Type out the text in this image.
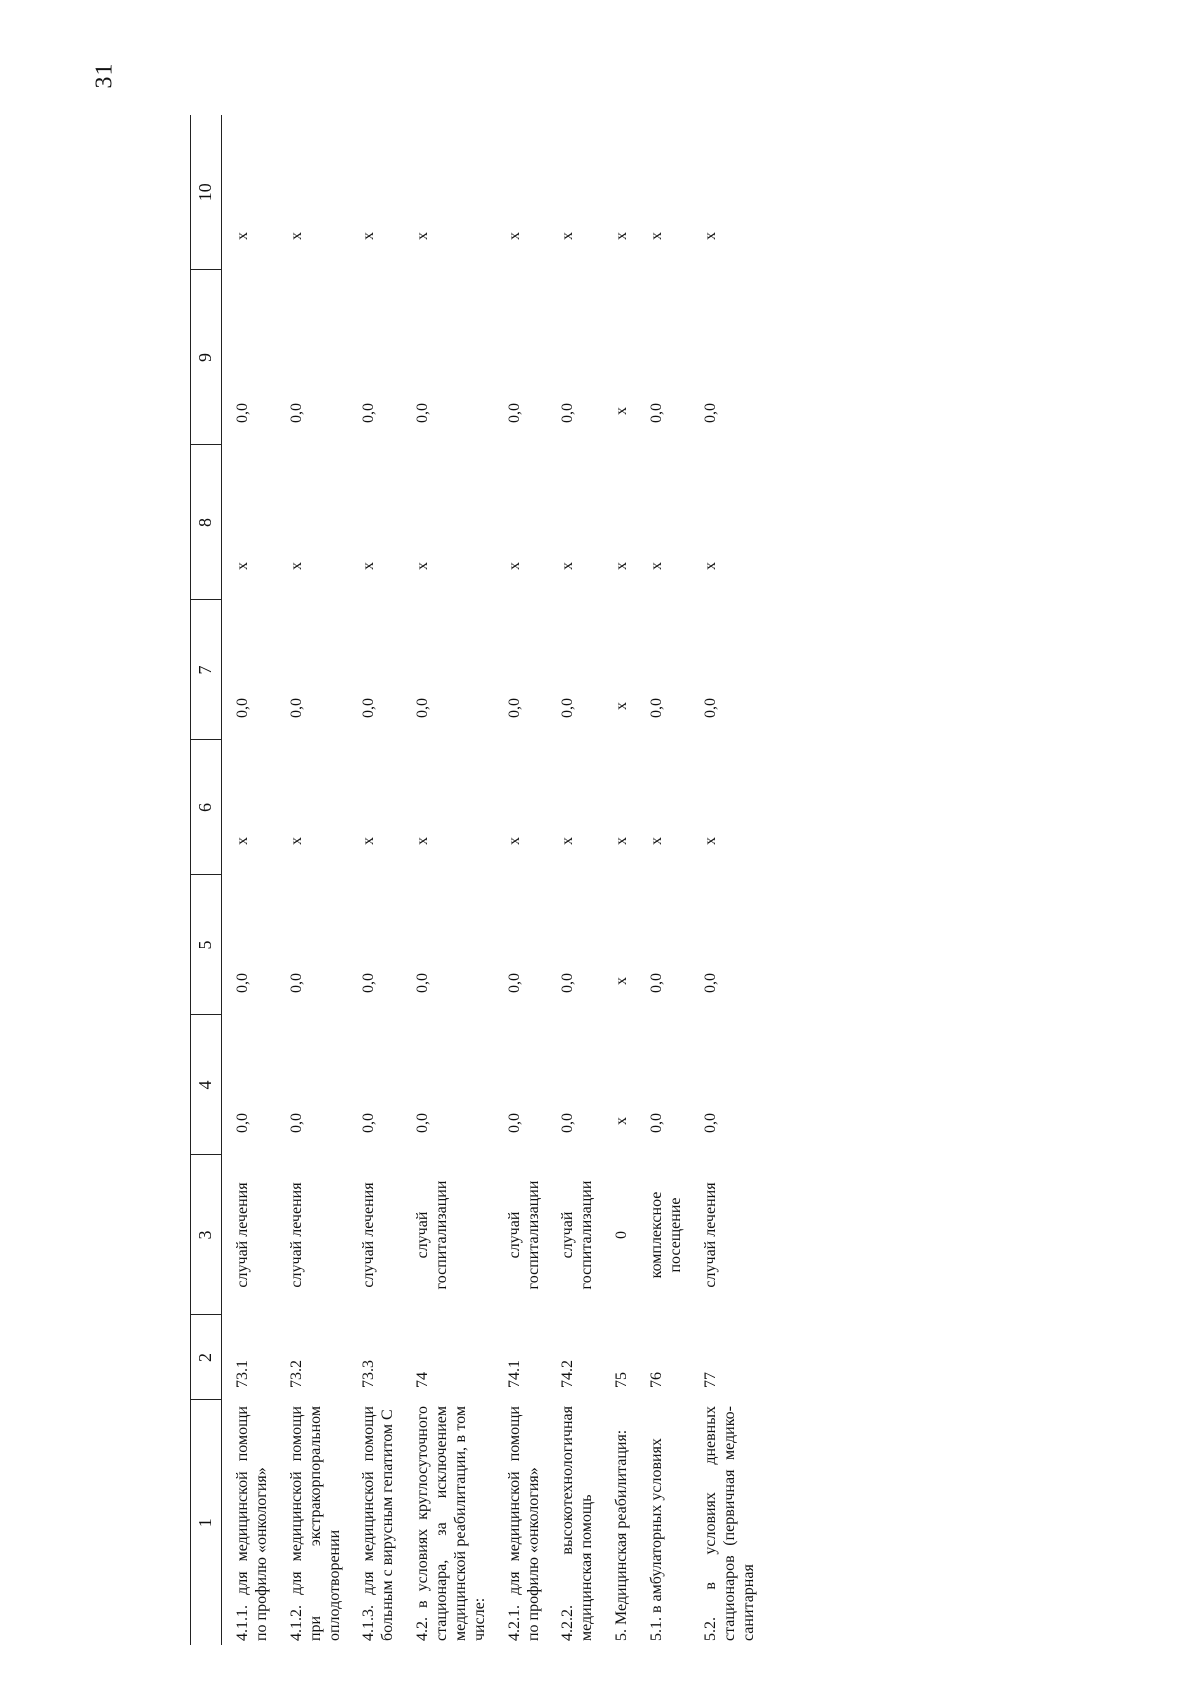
31
1	2	3	4	5	6	7	8	9	10
4.1.1. для медицинской помощи по профилю «онкология»	73.1	случай лечения	0,0	0,0	х	0,0	х	0,0	х
4.1.2. для медицинской помощи при экстракорпоральном оплодотворении	73.2	случай лечения	0,0	0,0	х	0,0	х	0,0	х
4.1.3. для медицинской помощи больным с вирусным гепатитом С	73.3	случай лечения	0,0	0,0	х	0,0	х	0,0	х
4.2. в условиях круглосуточного стационара, за исключением медицинской реабилитации, в том числе:	74	случай госпитализации	0,0	0,0	х	0,0	х	0,0	х
4.2.1. для медицинской помощи по профилю «онкология»	74.1	случай госпитализации	0,0	0,0	х	0,0	х	0,0	х
4.2.2. высокотехнологичная медицинская помощь	74.2	случай госпитализации	0,0	0,0	х	0,0	х	0,0	х
5. Медицинская реабилитация:	75	0	х	х	х	х	х	х	х
5.1. в амбулаторных условиях	76	комплексное посещение	0,0	0,0	х	0,0	х	0,0	х
5.2. в условиях дневных стационаров (первичная медико-санитарная	77	случай лечения	0,0	0,0	х	0,0	х	0,0	х
